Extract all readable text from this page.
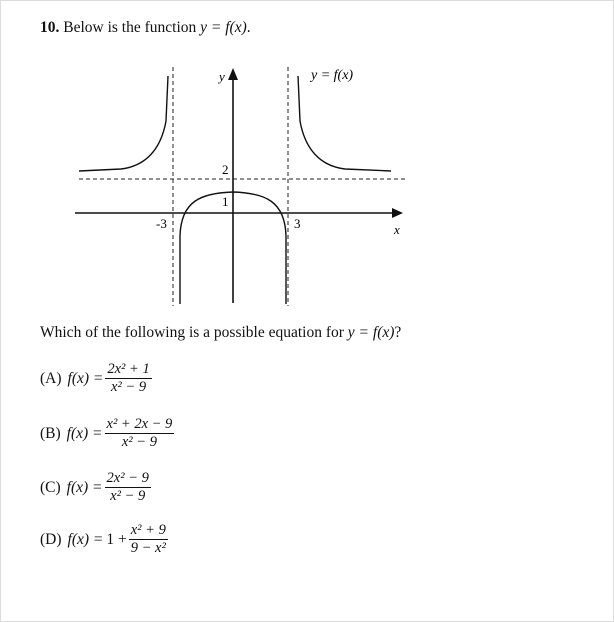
10. Below is the function y = f(x).
y
x
y = f(x)
2
1
-3	3
Which of the following is a possible equation for y = f(x)?
(A) $f(x) = \frac{\text{2x² + 1}}{\text{x² − 9}}$
(B) $f(x) = \frac{\text{x² + 2x − 9}}{\text{x² − 9}}$
(C) $f(x) = \frac{\text{2x² − 9}}{\text{x² − 9}}$
(D) $f(x) = 1 + \frac{\text{x² + 9}}{\text{9 − x²}}$
